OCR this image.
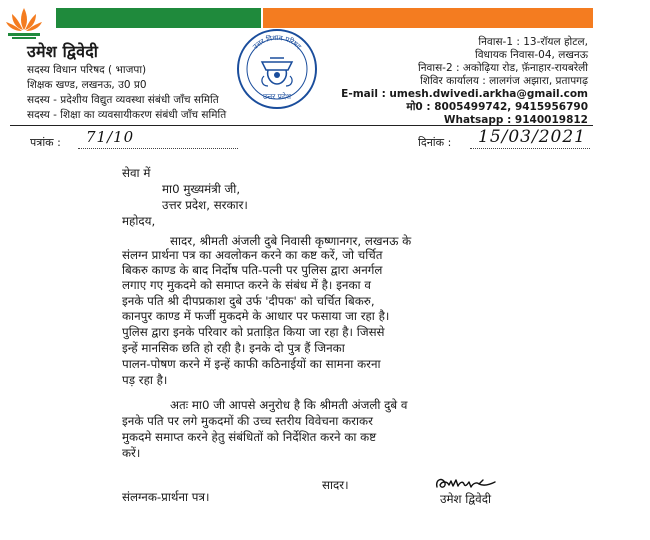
उमेश द्विवेदी
सदस्य विधान परिषद ( भाजपा)
शिक्षक खण्ड, लखनऊ, उ0 प्र0
सदस्य - प्रदेशीय विद्युत व्यवस्था संबंधी जाँच समिति
सदस्य - शिक्षा का व्यवसायीकरण संबंधी जाँच समिति
उत्तर विधान परिषद
उत्तर प्रदेश
निवास-1 : 13-रॉयल होटल,
विधायक निवास-04, लखनऊ
निवास-2 : अकोढ़िया रोड, फ़ॅनाहार-रायबरेली
शिविर कार्यालय : लालगंज अझारा, प्रतापगढ़
E-mail : umesh.dwivedi.arkha@gmail.com
मो0 : 8005499742, 9415956790
Whatsapp : 9140019812
पत्रांक : 71/10	दिनांक : 15/03/2021
सेवा में
मा0 मुख्यमंत्री जी,
उत्तर प्रदेश, सरकार।
महोदय,
सादर, श्रीमती अंजली दुबे निवासी कृष्णानगर, लखनऊ के
संलग्न प्रार्थना पत्र का अवलोकन करने का कष्ट करें, जो चर्चित
बिकरु काण्ड के बाद निर्दोष पति-पत्नी पर पुलिस द्वारा अनर्गल
लगाए गए मुकदमे को समाप्त करने के संबंध में है। इनका व
इनके पति श्री दीपप्रकाश दुबे उर्फ 'दीपक' को चर्चित बिकरु,
कानपुर काण्ड में फर्जी मुकदमे के आधार पर फसाया जा रहा है।
पुलिस द्वारा इनके परिवार को प्रताड़ित किया जा रहा है। जिससे
इन्हें मानसिक छति हो रही है। इनके दो पुत्र हैं जिनका
पालन-पोषण करने में इन्हें काफी कठिनाईयों का सामना करना
पड़ रहा है।
अतः मा0 जी आपसे अनुरोध है कि श्रीमती अंजली दुबे व
इनके पति पर लगे मुकदमों की उच्च स्तरीय विवेचना कराकर
मुकदमे समाप्त करने हेतु संबंधितों को निर्देशित करने का कष्ट
करें।
सादर।
संलग्नक-प्रार्थना पत्र।	उमेश द्विवेदी
